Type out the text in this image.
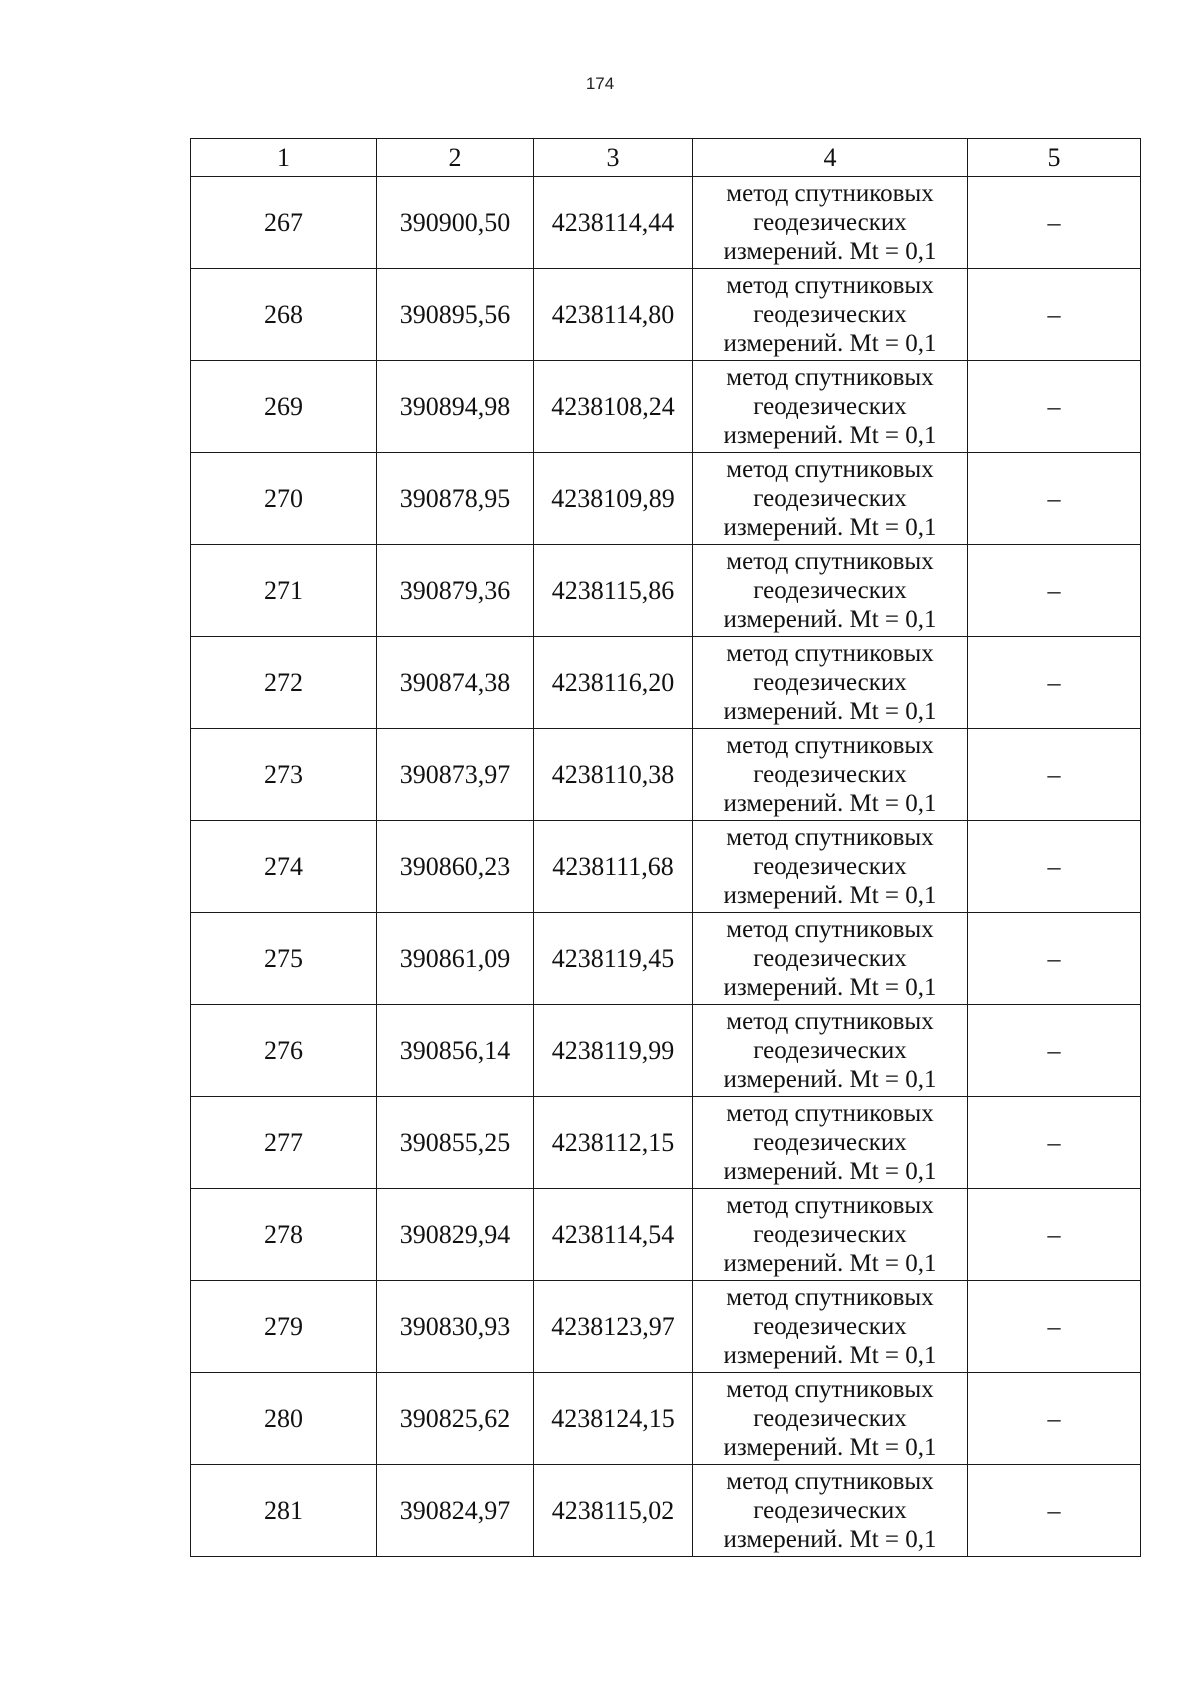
174
1	2	3	4	5
267	390900,50	4238114,44	метод спутниковых
геодезических
измерений. Mt = 0,1	–
268	390895,56	4238114,80	метод спутниковых
геодезических
измерений. Mt = 0,1	–
269	390894,98	4238108,24	метод спутниковых
геодезических
измерений. Mt = 0,1	–
270	390878,95	4238109,89	метод спутниковых
геодезических
измерений. Mt = 0,1	–
271	390879,36	4238115,86	метод спутниковых
геодезических
измерений. Mt = 0,1	–
272	390874,38	4238116,20	метод спутниковых
геодезических
измерений. Mt = 0,1	–
273	390873,97	4238110,38	метод спутниковых
геодезических
измерений. Mt = 0,1	–
274	390860,23	4238111,68	метод спутниковых
геодезических
измерений. Mt = 0,1	–
275	390861,09	4238119,45	метод спутниковых
геодезических
измерений. Mt = 0,1	–
276	390856,14	4238119,99	метод спутниковых
геодезических
измерений. Mt = 0,1	–
277	390855,25	4238112,15	метод спутниковых
геодезических
измерений. Mt = 0,1	–
278	390829,94	4238114,54	метод спутниковых
геодезических
измерений. Mt = 0,1	–
279	390830,93	4238123,97	метод спутниковых
геодезических
измерений. Mt = 0,1	–
280	390825,62	4238124,15	метод спутниковых
геодезических
измерений. Mt = 0,1	–
281	390824,97	4238115,02	метод спутниковых
геодезических
измерений. Mt = 0,1	–
